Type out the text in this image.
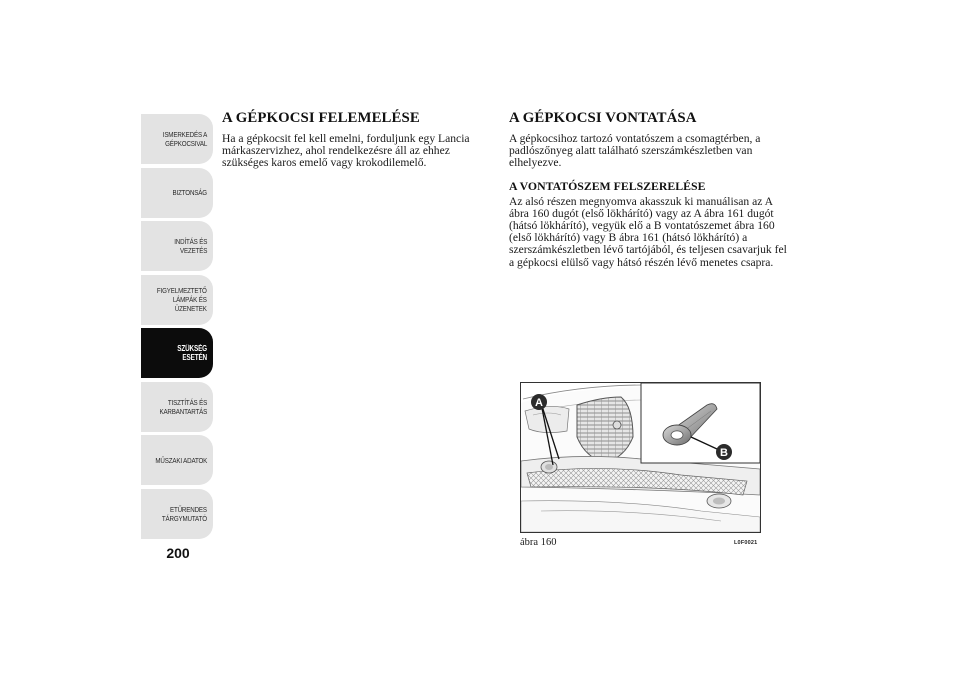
ISMERKEDÉS A
GÉPKOCSIVAL
BIZTONSÁG
INDÍTÁS ÉS
VEZETÉS
FIGYELMEZTETŐ
LÁMPÁK ÉS
ÜZENETEK
SZÜKSÉG ESETÉN
TISZTÍTÁS ÉS
KARBANTARTÁS
MŰSZAKI ADATOK
ETŰRENDES
TÁRGYMUTATÓ
200
A GÉPKOCSI FELEMELÉSE

Ha a gépkocsit fel kell emelni, forduljunk egy Lancia márkaszervizhez, ahol rendelkezésre áll az ehhez szükséges karos emelő vagy krokodilemelő.

A GÉPKOCSI VONTATÁSA

A gépkocsihoz tartozó vontatószem a csomagtérben, a padlószőnyeg alatt található szerszámkészletben van elhelyezve.

A VONTATÓSZEM FELSZERELÉSE

Az alsó részen megnyomva akasszuk ki manuálisan az A ábra 160 dugót (első lökhárító) vagy az A ábra 161 dugót (hátsó lökhárító), vegyük elő a B vontatószemet ábra 160 (első lökhárító) vagy B ábra 161 (hátsó lökhárító) a szerszámkészletben lévő tartójából, és teljesen csavarjuk fel a gépkocsi elülső vagy hátsó részén lévő menetes csapra.

A
B
ábra 160	L0F0021
